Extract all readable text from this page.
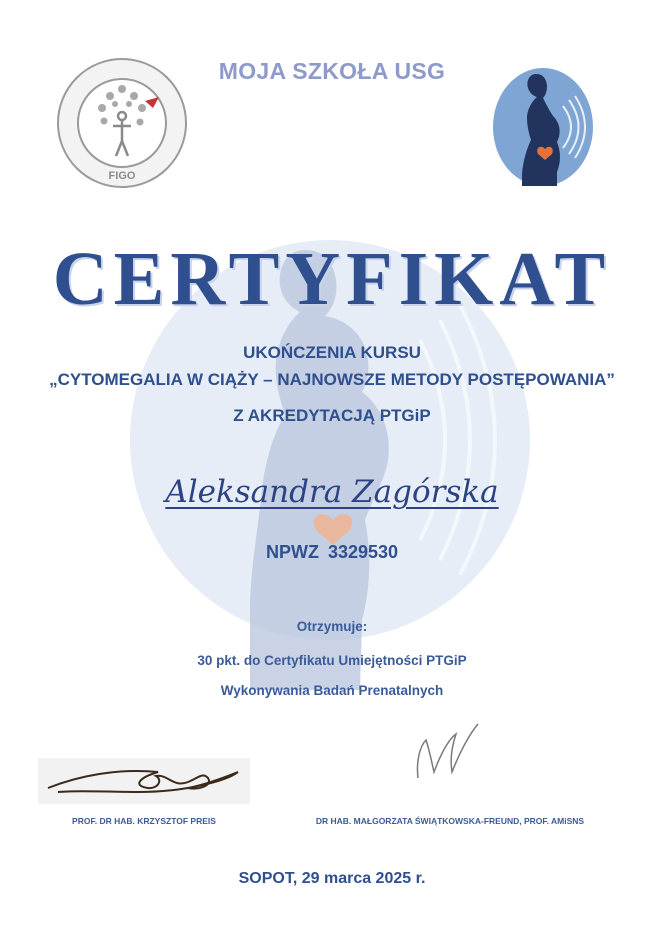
FIGO
MOJA SZKOŁA USG
CERTYFIKAT
UKOŃCZENIA KURSU
„CYTOMEGALIA W CIĄŻY – NAJNOWSZE METODY POSTĘPOWANIA”
Z AKREDYTACJĄ PTGiP
Aleksandra Zagórska
NPWZ 3329530
Otrzymuje:
30 pkt. do Certyfikatu Umiejętności PTGiP
Wykonywania Badań Prenatalnych
PROF. DR HAB. KRZYSZTOF PREIS	DR HAB. MAŁGORZATA ŚWIĄTKOWSKA-FREUND, PROF. AMiSNS
SOPOT, 29 marca 2025 r.
